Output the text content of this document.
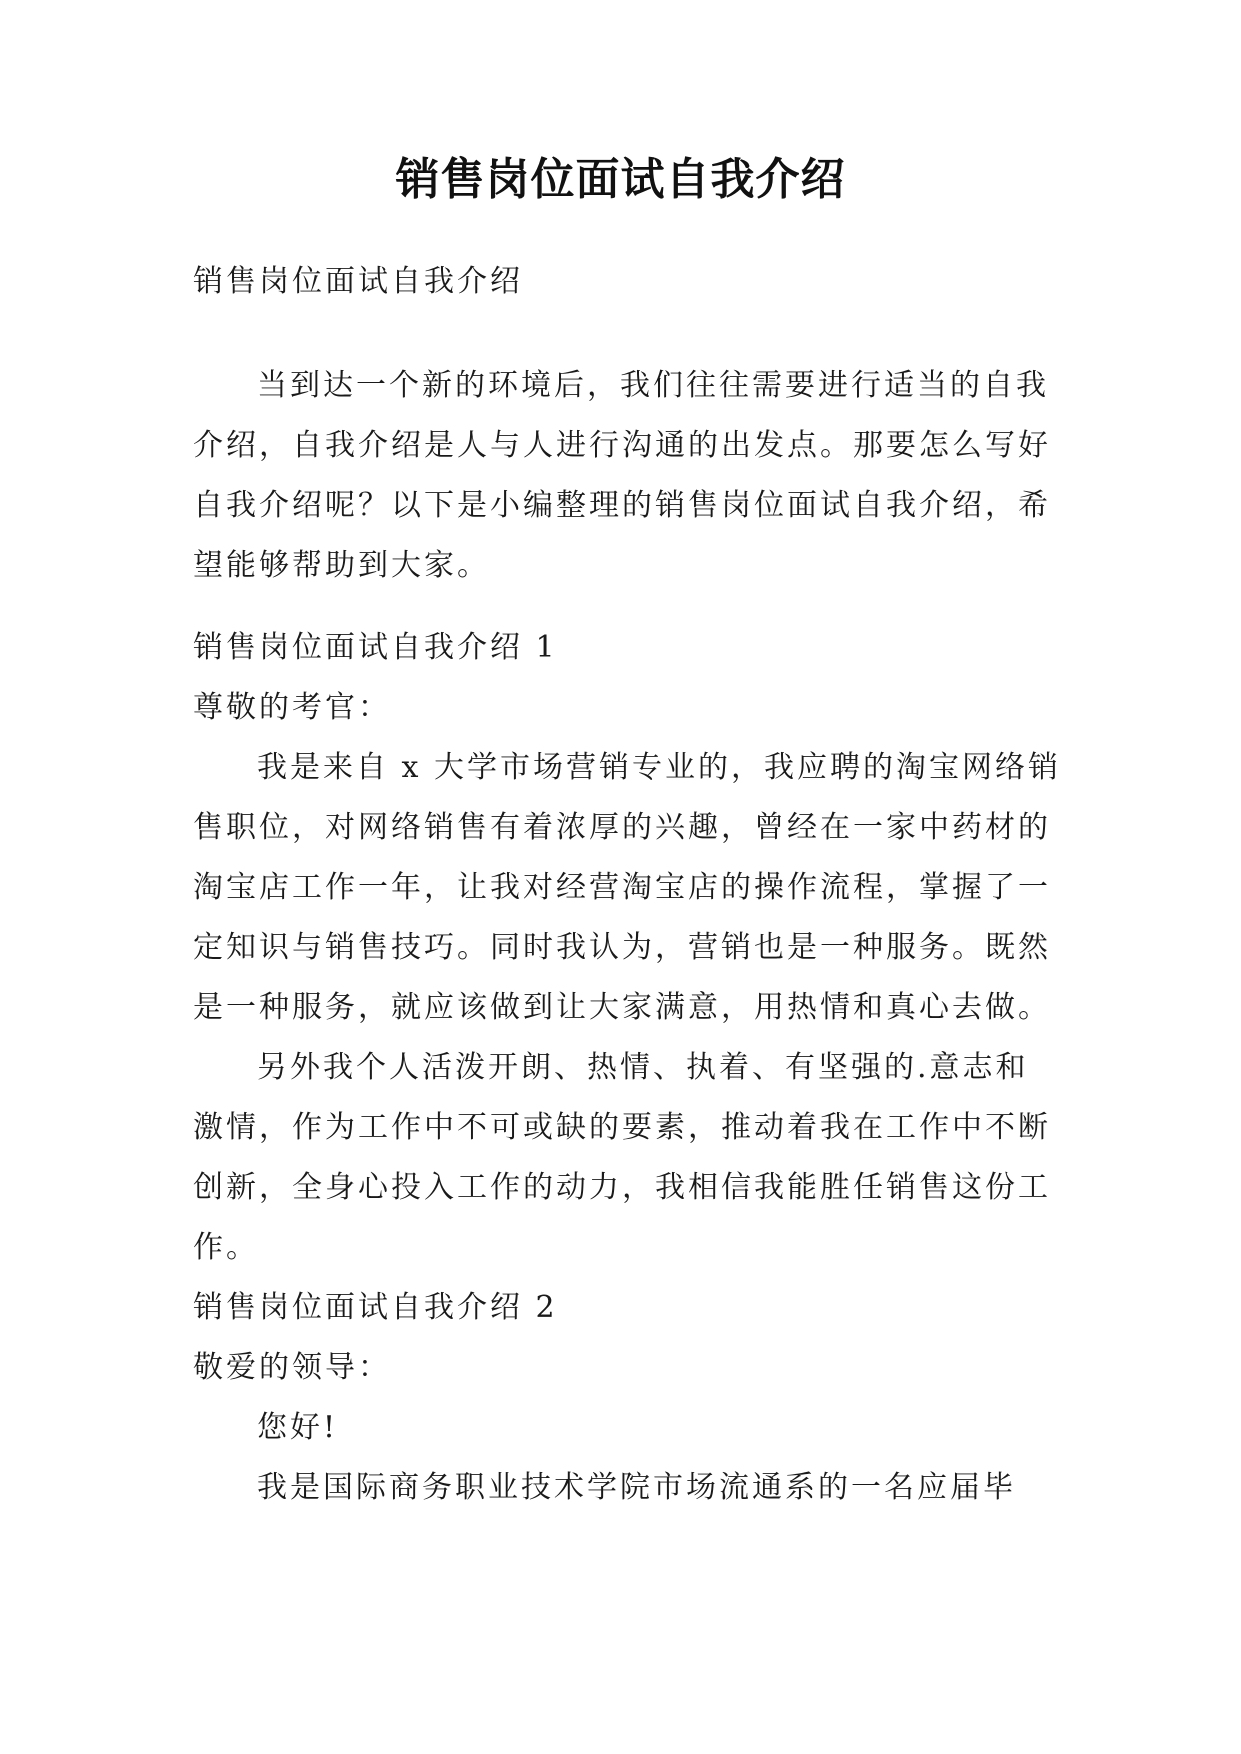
销售岗位面试自我介绍
销售岗位面试自我介绍
当到达一个新的环境后，我们往往需要进行适当的自我
介绍，自我介绍是人与人进行沟通的出发点。那要怎么写好
自我介绍呢？以下是小编整理的销售岗位面试自我介绍，希
望能够帮助到大家。
销售岗位面试自我介绍 1
尊敬的考官：
我是来自 x 大学市场营销专业的，我应聘的淘宝网络销
售职位，对网络销售有着浓厚的兴趣，曾经在一家中药材的
淘宝店工作一年，让我对经营淘宝店的操作流程，掌握了一
定知识与销售技巧。同时我认为，营销也是一种服务。既然
是一种服务，就应该做到让大家满意，用热情和真心去做。
另外我个人活泼开朗、热情、执着、有坚强的.意志和
激情，作为工作中不可或缺的要素，推动着我在工作中不断
创新，全身心投入工作的动力，我相信我能胜任销售这份工
作。
销售岗位面试自我介绍 2
敬爱的领导：
您好!
我是国际商务职业技术学院市场流通系的一名应届毕
